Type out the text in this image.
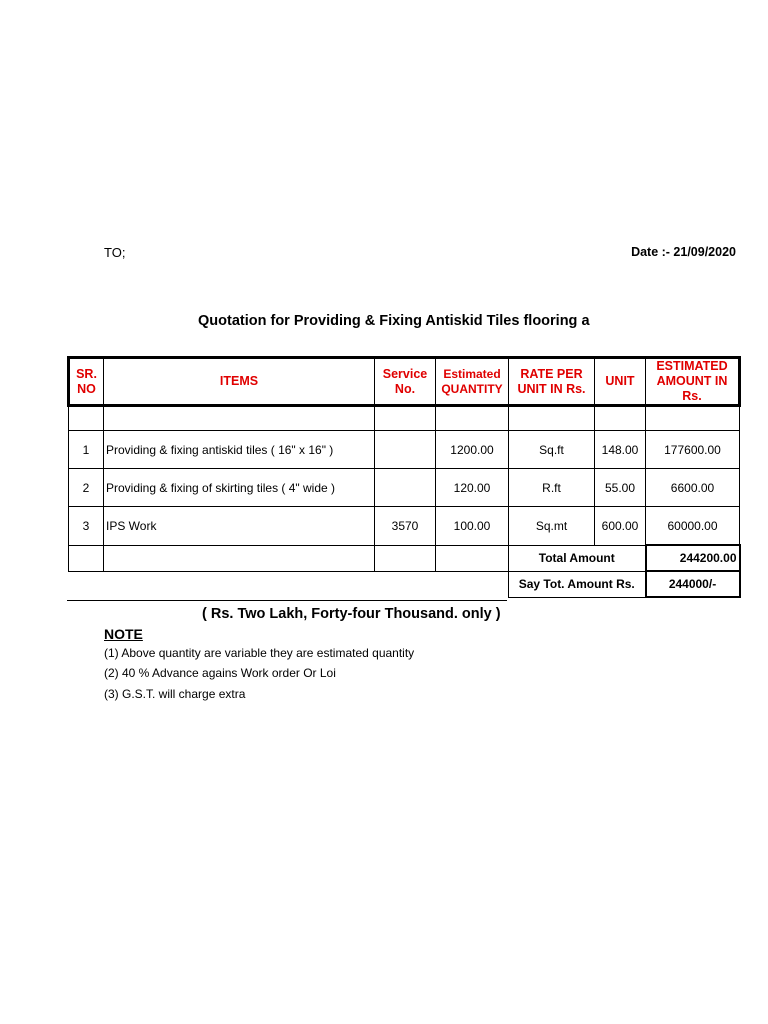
TO;	Date :- 21/09/2020
Quotation for Providing & Fixing Antiskid Tiles flooring a
SR. NO	ITEMS	Service No.	Estimated QUANTITY	RATE PER UNIT IN Rs.	UNIT	ESTIMATED AMOUNT IN Rs.

1	Providing & fixing antiskid tiles ( 16" x 16" )		1200.00	Sq.ft	148.00	177600.00
2	Providing & fixing of skirting tiles ( 4" wide )		120.00	R.ft	55.00	6600.00
3	IPS Work	3570	100.00	Sq.mt	600.00	60000.00
				Total Amount		244200.00
				Say Tot. Amount Rs.		244000/-
( Rs. Two Lakh, Forty-four Thousand. only )
NOTE
(1) Above quantity are variable they are estimated quantity
(2) 40 % Advance agains Work order Or Loi
(3) G.S.T. will charge extra
